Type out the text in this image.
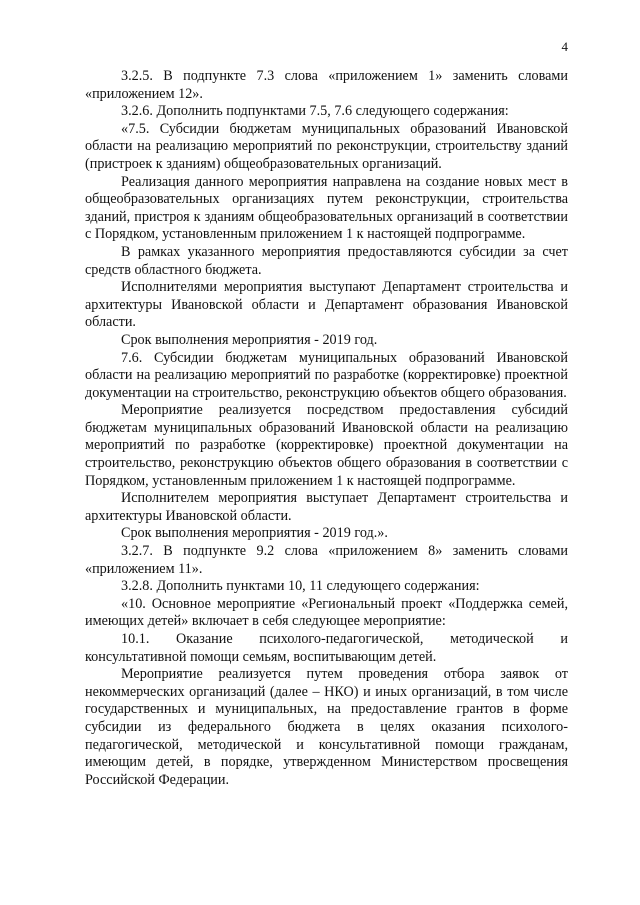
4

3.2.5. В подпункте 7.3 слова «приложением 1» заменить словами «приложением 12».

3.2.6. Дополнить подпунктами 7.5, 7.6 следующего содержания:

«7.5. Субсидии бюджетам муниципальных образований Ивановской области на реализацию мероприятий по реконструкции, строительству зданий (пристроек к зданиям) общеобразовательных организаций.

Реализация данного мероприятия направлена на создание новых мест в общеобразовательных организациях путем реконструкции, строительства зданий, пристроя к зданиям общеобразовательных организаций в соответствии с Порядком, установленным приложением 1 к настоящей подпрограмме.

В рамках указанного мероприятия предоставляются субсидии за счет средств областного бюджета.

Исполнителями мероприятия выступают Департамент строительства и архитектуры Ивановской области и Департамент образования Ивановской области.

Срок выполнения мероприятия - 2019 год.

7.6. Субсидии бюджетам муниципальных образований Ивановской области на реализацию мероприятий по разработке (корректировке) проектной документации на строительство, реконструкцию объектов общего образования.

Мероприятие реализуется посредством предоставления субсидий бюджетам муниципальных образований Ивановской области на реализацию мероприятий по разработке (корректировке) проектной документации на строительство, реконструкцию объектов общего образования в соответствии с Порядком, установленным приложением 1 к настоящей подпрограмме.

Исполнителем мероприятия выступает Департамент строительства и архитектуры Ивановской области.

Срок выполнения мероприятия - 2019 год.».

3.2.7. В подпункте 9.2 слова «приложением 8» заменить словами «приложением 11».

3.2.8. Дополнить пунктами 10, 11 следующего содержания:

«10. Основное мероприятие «Региональный проект «Поддержка семей, имеющих детей» включает в себя следующее мероприятие:

10.1. Оказание психолого-педагогической, методической и консультативной помощи семьям, воспитывающим детей.

Мероприятие реализуется путем проведения отбора заявок от некоммерческих организаций (далее – НКО) и иных организаций, в том числе государственных и муниципальных, на предоставление грантов в форме субсидии из федерального бюджета в целях оказания психолого-педагогической, методической и консультативной помощи гражданам, имеющим детей, в порядке, утвержденном Министерством просвещения Российской Федерации.
